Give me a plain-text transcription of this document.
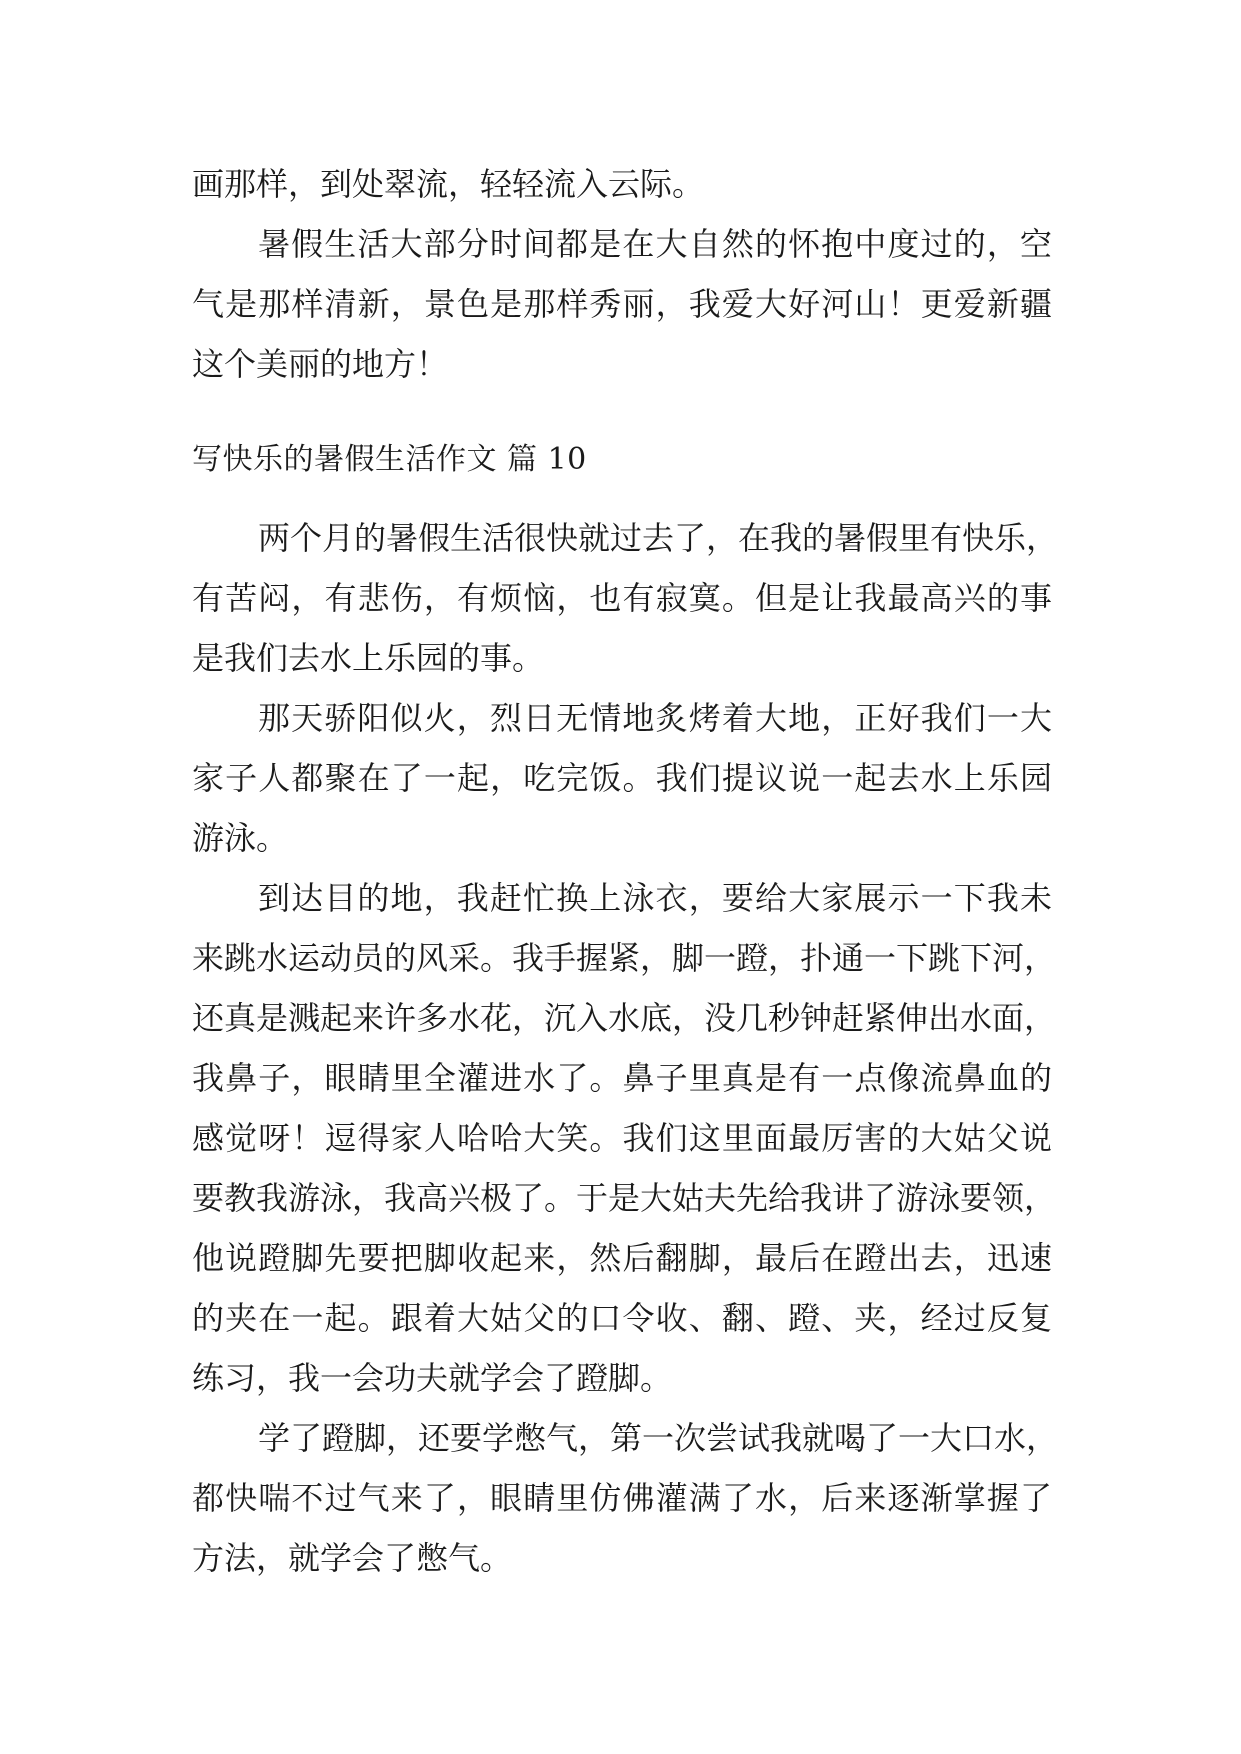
画那样，到处翠流，轻轻流入云际。
暑假生活大部分时间都是在大自然的怀抱中度过的，空
气是那样清新，景色是那样秀丽，我爱大好河山！更爱新疆
这个美丽的地方！
写快乐的暑假生活作文 篇 10
两个月的暑假生活很快就过去了，在我的暑假里有快乐，
有苦闷，有悲伤，有烦恼，也有寂寞。但是让我最高兴的事
是我们去水上乐园的事。
那天骄阳似火，烈日无情地炙烤着大地，正好我们一大
家子人都聚在了一起，吃完饭。我们提议说一起去水上乐园
游泳。
到达目的地，我赶忙换上泳衣，要给大家展示一下我未
来跳水运动员的风采。我手握紧，脚一蹬，扑通一下跳下河，
还真是溅起来许多水花，沉入水底，没几秒钟赶紧伸出水面，
我鼻子，眼睛里全灌进水了。鼻子里真是有一点像流鼻血的
感觉呀！逗得家人哈哈大笑。我们这里面最厉害的大姑父说
要教我游泳，我高兴极了。于是大姑夫先给我讲了游泳要领，
他说蹬脚先要把脚收起来，然后翻脚，最后在蹬出去，迅速
的夹在一起。跟着大姑父的口令收、翻、蹬、夹，经过反复
练习，我一会功夫就学会了蹬脚。
学了蹬脚，还要学憋气，第一次尝试我就喝了一大口水，
都快喘不过气来了，眼睛里仿佛灌满了水，后来逐渐掌握了
方法，就学会了憋气。
